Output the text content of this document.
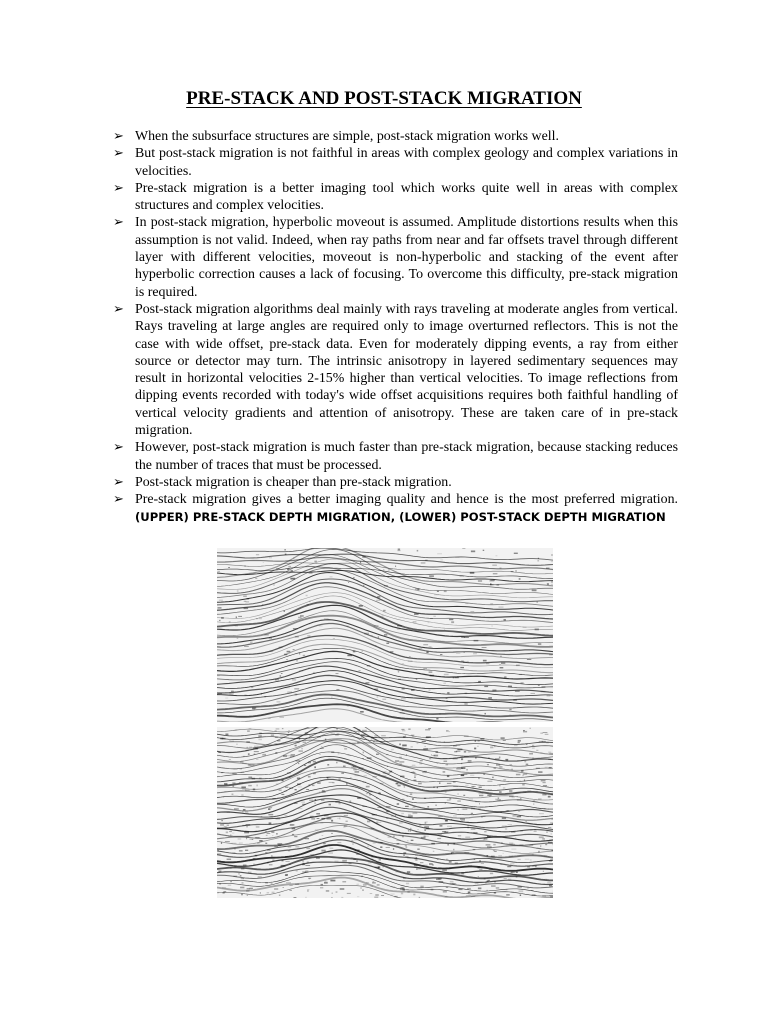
PRE-STACK AND POST-STACK MIGRATION
➢ When the subsurface structures are simple, post-stack migration works well.
➢ But post-stack migration is not faithful in areas with complex geology and complex variations in velocities.
➢ Pre-stack migration is a better imaging tool which works quite well in areas with complex structures and complex velocities.
➢ In post-stack migration, hyperbolic moveout is assumed. Amplitude distortions results when this assumption is not valid. Indeed, when ray paths from near and far offsets travel through different layer with different velocities, moveout is non-hyperbolic and stacking of the event after hyperbolic correction causes a lack of focusing. To overcome this difficulty, pre-stack migration is required.
➢ Post-stack migration algorithms deal mainly with rays traveling at moderate angles from vertical. Rays traveling at large angles are required only to image overturned reflectors. This is not the case with wide offset, pre-stack data. Even for moderately dipping events, a ray from either source or detector may turn. The intrinsic anisotropy in layered sedimentary sequences may result in horizontal velocities 2-15% higher than vertical velocities. To image reflections from dipping events recorded with today's wide offset acquisitions requires both faithful handling of vertical velocity gradients and attention of anisotropy. These are taken care of in pre-stack migration.
➢ However, post-stack migration is much faster than pre-stack migration, because stacking reduces the number of traces that must be processed.
➢ Post-stack migration is cheaper than pre-stack migration.
➢ Pre-stack migration gives a better imaging quality and hence is the most preferred migration. (UPPER) PRE-STACK DEPTH MIGRATION, (LOWER) POST-STACK DEPTH MIGRATION
